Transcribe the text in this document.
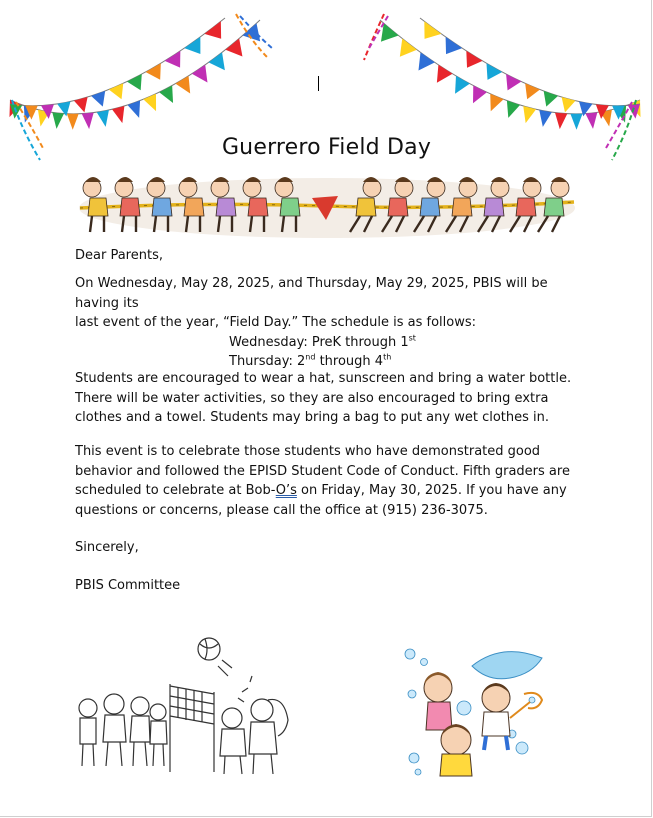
Guerrero Field Day
Dear Parents,
On Wednesday, May 28, 2025, and Thursday, May 29, 2025, PBIS will be having its
last event of the year, “Field Day.” The schedule is as follows:

Wednesday: PreK through 1st
Thursday: 2nd through 4th
Students are encouraged to wear a hat, sunscreen and bring a water bottle. There will be water activities, so they are also encouraged to bring extra clothes and a towel. Students may bring a bag to put any wet clothes in.
This event is to celebrate those students who have demonstrated good behavior and followed the EPISD Student Code of Conduct. Fifth graders are scheduled to celebrate at Bob-O’s on Friday, May 30, 2025. If you have any questions or concerns, please call the office at (915) 236-3075.
Sincerely,
PBIS Committee
